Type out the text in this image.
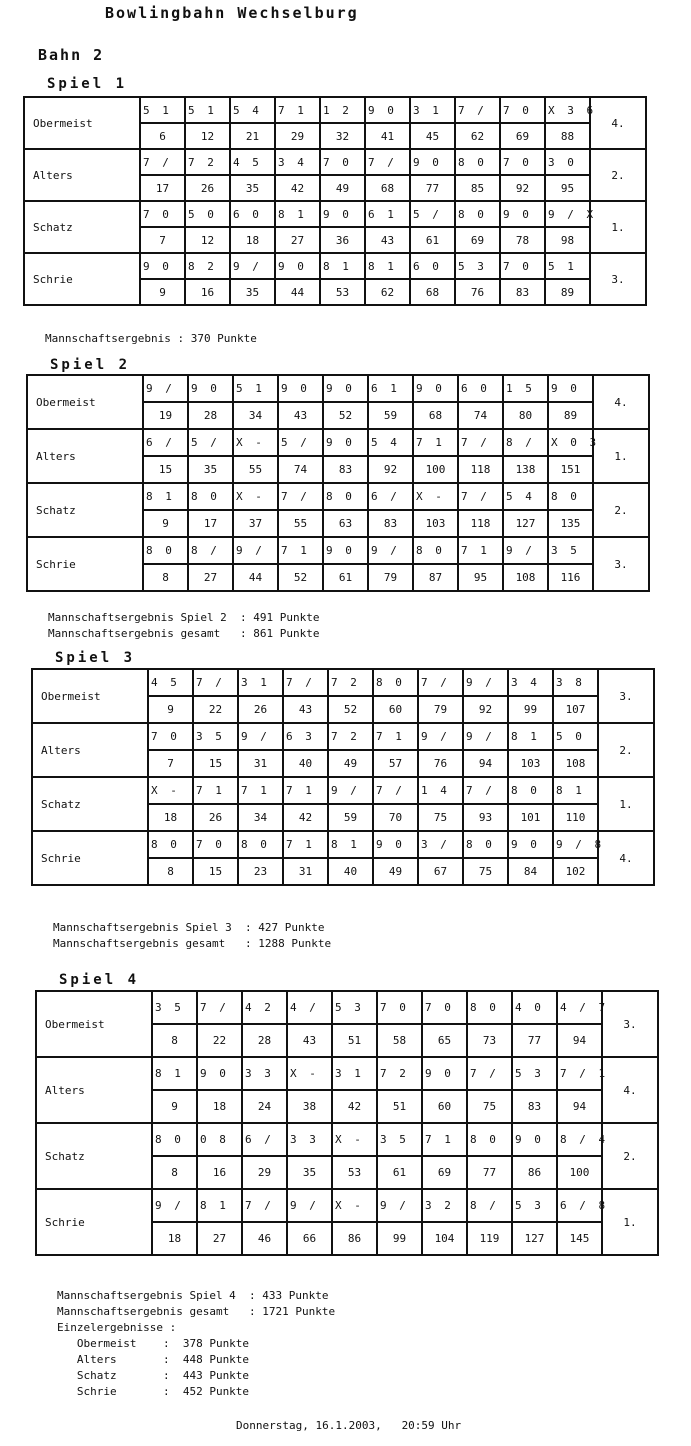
Bowlingbahn Wechselburg
Bahn 2
Spiel 1
Obermeist	5 1	5 1	5 4	7 1	1 2	9 0	3 1	7 /	7 0	X 3 6	4.
	6	12	21	29	32	41	45	62	69	88	
Alters	7 /	7 2	4 5	3 4	7 0	7 /	9 0	8 0	7 0	3 0	2.
	17	26	35	42	49	68	77	85	92	95	
Schatz	7 0	5 0	6 0	8 1	9 0	6 1	5 /	8 0	9 0	9 / X	1.
	7	12	18	27	36	43	61	69	78	98	
Schrie	9 0	8 2	9 /	9 0	8 1	8 1	6 0	5 3	7 0	5 1	3.
	9	16	35	44	53	62	68	76	83	89	
Mannschaftsergebnis : 370 Punkte
Spiel 2
Obermeist	9 /	9 0	5 1	9 0	9 0	6 1	9 0	6 0	1 5	9 0	4.
	19	28	34	43	52	59	68	74	80	89	
Alters	6 /	5 /	X -	5 /	9 0	5 4	7 1	7 /	8 /	X 0 3	1.
	15	35	55	74	83	92	100	118	138	151	
Schatz	8 1	8 0	X -	7 /	8 0	6 /	X -	7 /	5 4	8 0	2.
	9	17	37	55	63	83	103	118	127	135	
Schrie	8 0	8 /	9 /	7 1	9 0	9 /	8 0	7 1	9 /	3 5	3.
	8	27	44	52	61	79	87	95	108	116	
Mannschaftsergebnis Spiel 2  : 491 Punkte
Mannschaftsergebnis gesamt   : 861 Punkte
Spiel 3
Obermeist	4 5	7 /	3 1	7 /	7 2	8 0	7 /	9 /	3 4	3 8	3.
	9	22	26	43	52	60	79	92	99	107	
Alters	7 0	3 5	9 /	6 3	7 2	7 1	9 /	9 /	8 1	5 0	2.
	7	15	31	40	49	57	76	94	103	108	
Schatz	X -	7 1	7 1	7 1	9 /	7 /	1 4	7 /	8 0	8 1	1.
	18	26	34	42	59	70	75	93	101	110	
Schrie	8 0	7 0	8 0	7 1	8 1	9 0	3 /	8 0	9 0	9 / 8	4.
	8	15	23	31	40	49	67	75	84	102	
Mannschaftsergebnis Spiel 3  : 427 Punkte
Mannschaftsergebnis gesamt   : 1288 Punkte
Spiel 4
Obermeist	3 5	7 /	4 2	4 /	5 3	7 0	7 0	8 0	4 0	4 / 7	3.
	8	22	28	43	51	58	65	73	77	94	
Alters	8 1	9 0	3 3	X -	3 1	7 2	9 0	7 /	5 3	7 / 1	4.
	9	18	24	38	42	51	60	75	83	94	
Schatz	8 0	0 8	6 /	3 3	X -	3 5	7 1	8 0	9 0	8 / 4	2.
	8	16	29	35	53	61	69	77	86	100	
Schrie	9 /	8 1	7 /	9 /	X -	9 /	3 2	8 /	5 3	6 / 8	1.
	18	27	46	66	86	99	104	119	127	145	
Mannschaftsergebnis Spiel 4  : 433 Punkte
Mannschaftsergebnis gesamt   : 1721 Punkte
Einzelergebnisse :
Obermeist    :  378 Punkte
Alters       :  448 Punkte
Schatz       :  443 Punkte
Schrie       :  452 Punkte
Donnerstag, 16.1.2003,   20:59 Uhr
